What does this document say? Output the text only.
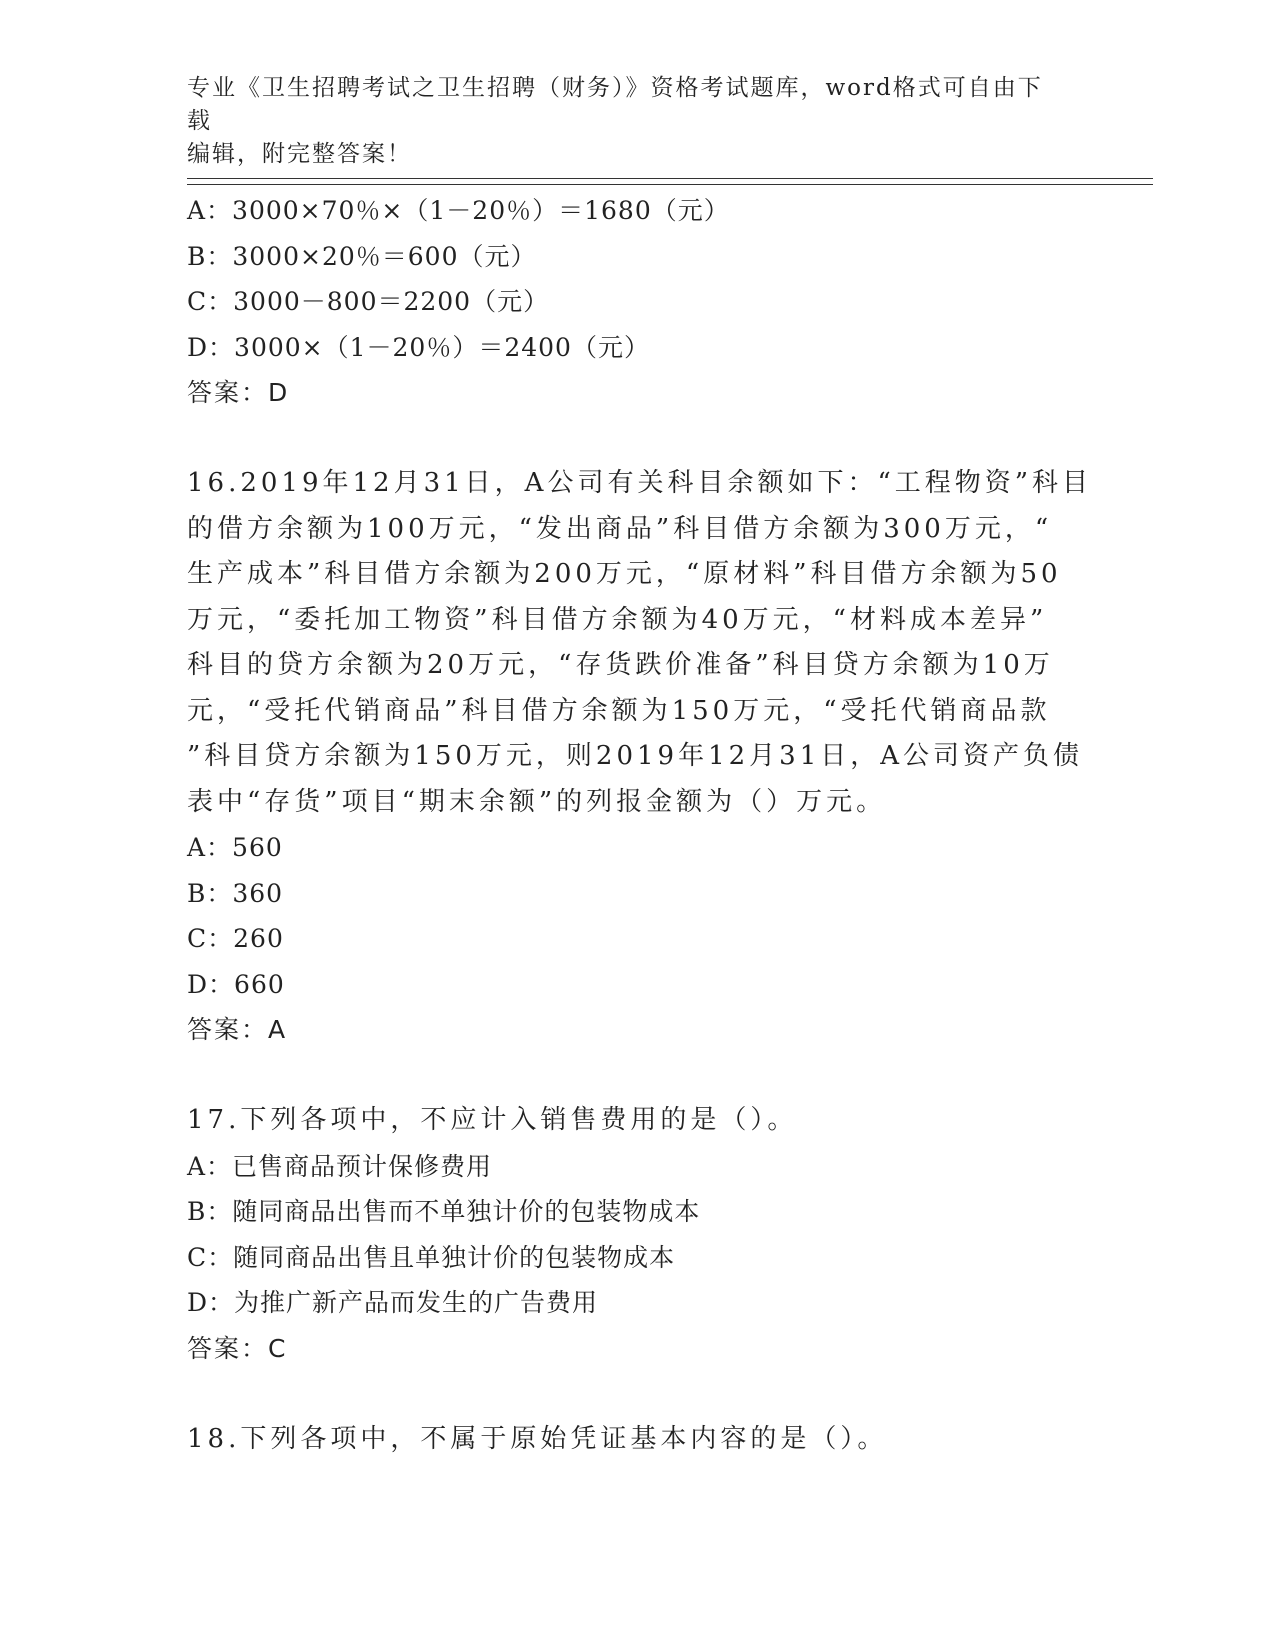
专业《卫生招聘考试之卫生招聘（财务）》资格考试题库，word格式可自由下载
编辑，附完整答案！
A：3000×70％×（1－20％）＝1680（元）
B：3000×20％＝600（元）
C：3000－800＝2200（元）
D：3000×（1－20％）＝2400（元）
答案：D
16.2019年12月31日，A公司有关科目余额如下：“工程物资”科目
的借方余额为100万元，“发出商品”科目借方余额为300万元，“
生产成本”科目借方余额为200万元，“原材料”科目借方余额为50
万元，“委托加工物资”科目借方余额为40万元，“材料成本差异”
科目的贷方余额为20万元，“存货跌价准备”科目贷方余额为10万
元，“受托代销商品”科目借方余额为150万元，“受托代销商品款
”科目贷方余额为150万元，则2019年12月31日，A公司资产负债
表中“存货”项目“期末余额”的列报金额为（）万元。
A：560
B：360
C：260
D：660
答案：A
17.下列各项中，不应计入销售费用的是（）。
A：已售商品预计保修费用
B：随同商品出售而不单独计价的包装物成本
C：随同商品出售且单独计价的包装物成本
D：为推广新产品而发生的广告费用
答案：C
18.下列各项中，不属于原始凭证基本内容的是（）。
